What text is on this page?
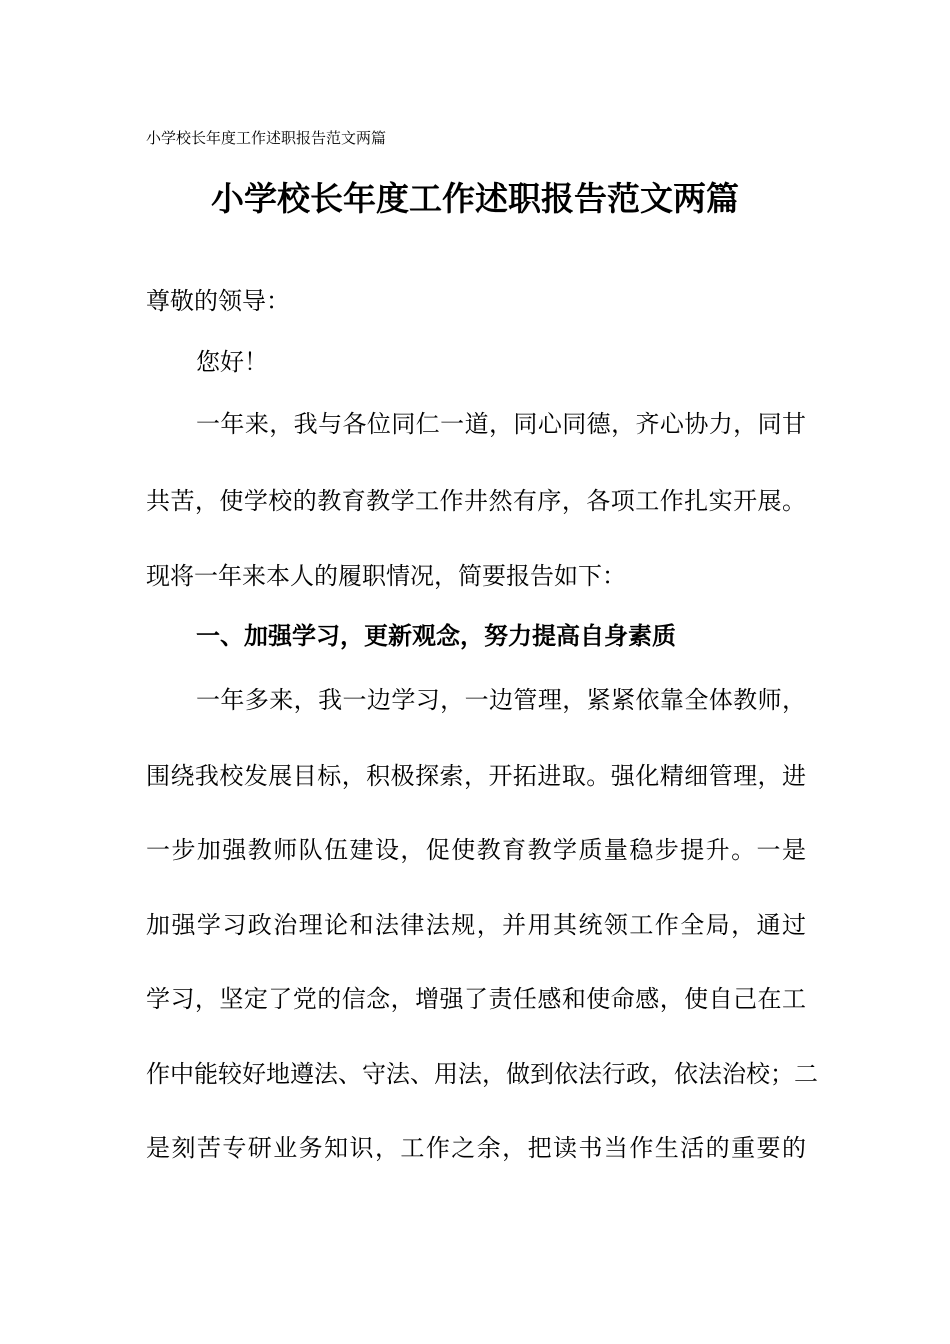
小学校长年度工作述职报告范文两篇
小学校长年度工作述职报告范文两篇
尊敬的领导：
您好！
一年来，我与各位同仁一道，同心同德，齐心协力，同甘
共苦，使学校的教育教学工作井然有序，各项工作扎实开展。
现将一年来本人的履职情况，简要报告如下：
一、加强学习，更新观念，努力提高自身素质
一年多来，我一边学习，一边管理，紧紧依靠全体教师，
围绕我校发展目标，积极探索，开拓进取。强化精细管理，进
一步加强教师队伍建设，促使教育教学质量稳步提升。一是
加强学习政治理论和法律法规，并用其统领工作全局，通过
学习，坚定了党的信念，增强了责任感和使命感，使自己在工
作中能较好地遵法、守法、用法，做到依法行政，依法治校；二
是刻苦专研业务知识，工作之余，把读书当作生活的重要的
